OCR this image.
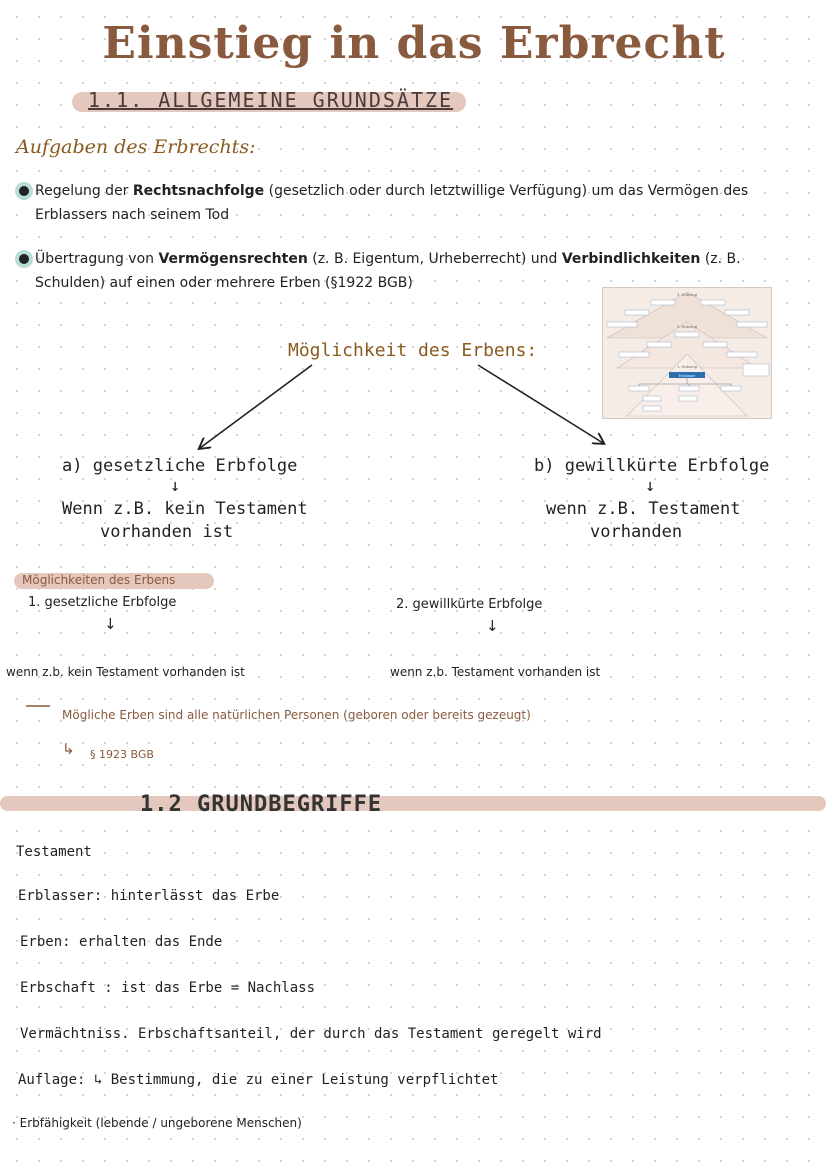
Einstieg in das Erbrecht
1.1. ALLGEMEINE GRUNDSÄTZE
Aufgaben des Erbrechts:
Regelung der Rechtsnachfolge (gesetzlich oder durch letztwillige Verfügung) um das Vermögen des
Erblassers nach seinem Tod
Übertragung von Vermögensrechten (z. B. Eigentum, Urheberrecht) und Verbindlichkeiten (z. B.
Schulden) auf einen oder mehrere Erben (§1922 BGB)
3. Ordnung
2. Ordnung
1. Ordnung
Erblasser
Möglichkeit des Erbens:
a) gesetzliche Erbfolge
↓
Wenn z.B. kein Testament
vorhanden ist
b) gewillkürte Erbfolge
↓
wenn z.B. Testament
vorhanden
Möglichkeiten des Erbens
1. gesetzliche Erbfolge
↓
2. gewillkürte Erbfolge
↓
wenn z.b. kein Testament vorhanden ist	wenn z.b. Testament vorhanden ist
Mögliche Erben sind alle natürlichen Personen (geboren oder bereits gezeugt)
↳ § 1923 BGB
1.2 GRUNDBEGRIFFE
Testament
Erblasser: hinterlässt das Erbe
Erben: erhalten das Ende
Erbschaft : ist das Erbe = Nachlass
Vermächtniss. Erbschaftsanteil, der durch das Testament geregelt wird
Auflage: ↳ Bestimmung, die zu einer Leistung verpflichtet
· Erbfähigkeit (lebende / ungeborene Menschen)
